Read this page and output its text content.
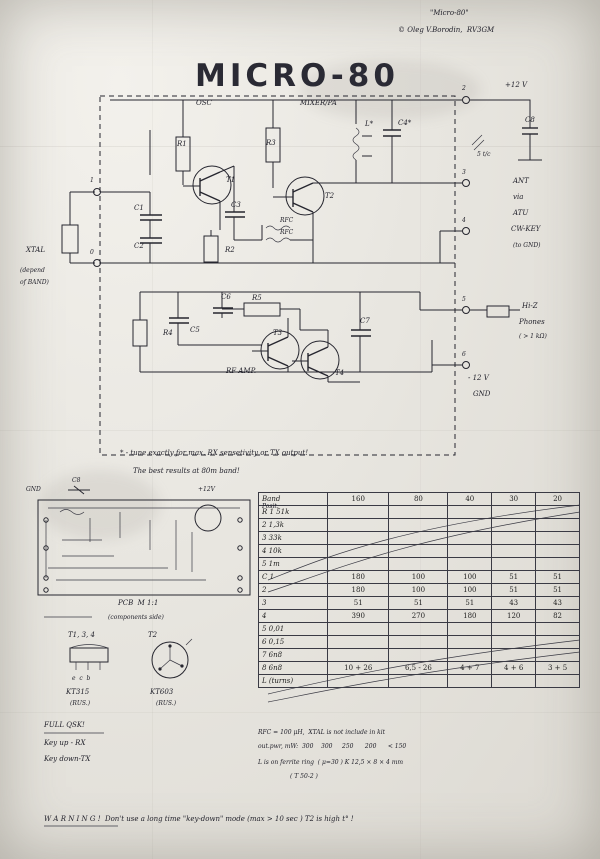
"Micro-80"
© Oleg V.Borodin,  RV3GM
MICRO-80
OSC	MIXER/PA
RF AMP.
RFC
RFC
R1
R2
R3
R4
R5
C1
C2
C3
C4*
C5
C6
C7
C8
T1
T2
T3
T4
L*
XTAL
(depend
of BAND)
5 t/c
1
0
2
3
4
5
6
+12 V
ANT
via
ATU
CW-KEY
(to GND)
Hi-Z
Phones
( > 1 kΩ)
- 12 V
GND
* - tune exactly for max. RX sensetivity or TX output!
The best results at 80m band!
C8
GND	+12V
PCB  M 1:1
(components side)
T1, 3, 4	T2
e  c  b
KT315
(RUS.)
KT603
(RUS.)
FULL QSK!
Key up - RX
Key down-TX
RFC = 100 μH,  XTAL is not include in kit
out.pwr, mW:  300    300     250      200      < 150
L is on ferrite ring  ( μ=30 ) K 12,5 × 8 × 4 mm
( T 50-2 )
W A R N I N G !  Don't use a long time "key-down" mode (max > 10 sec ) T2 is high t° !
Band	160	80	40	30	20
R 1 51k					
2 1,3k					
3 33k					
4 10k					
5 1m					
C 1	180	100	100	51	51
2	180	100	100	51	51
3	51	51	51	43	43
4	390	270	180	120	82
5 0,01					
6 0,15					
7 6n8					
8 6n8	10 + 26	6,5 - 26	4 + 7	4 + 6	3 + 5
L (turns)					
Posit.
